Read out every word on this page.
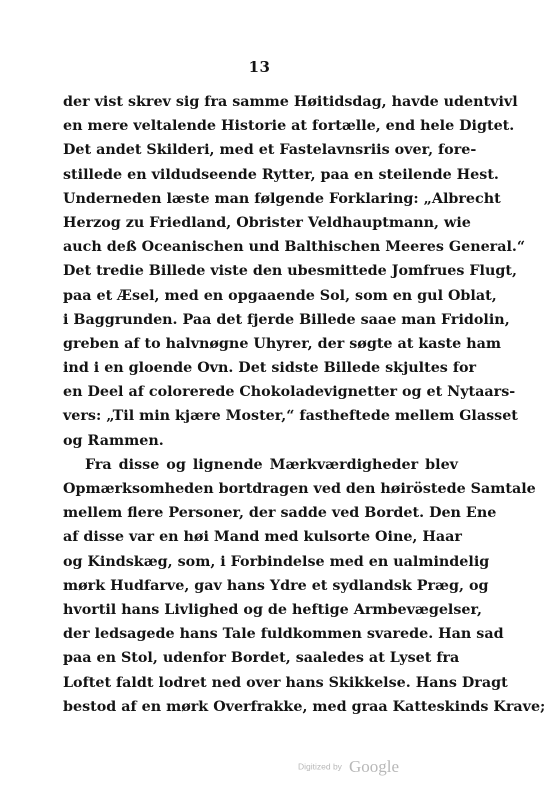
13
der vist skrev sig fra samme Høitidsdag, havde udentvivl
en mere veltalende Historie at fortælle, end hele Digtet.
Det andet Skilderi, med et Fastelavnsriis over, fore-
stillede en vildudseende Rytter, paa en steilende Hest.
Underneden læste man følgende Forklaring: „Albrecht
Herzog zu Friedland, Obrister Veldhauptmann, wie
auch deß Oceanischen und Balthischen Meeres General.“
Det tredie Billede viste den ubesmittede Jomfrues Flugt,
paa et Æsel, med en opgaaende Sol, som en gul Oblat,
i Baggrunden. Paa det fjerde Billede saae man Fridolin,
greben af to halvnøgne Uhyrer, der søgte at kaste ham
ind i en gloende Ovn. Det sidste Billede skjultes for
en Deel af colorerede Chokoladevignetter og et Nytaars-
vers: „Til min kjære Moster,“ fastheftede mellem Glasset
og Rammen.
Fra disse og lignende Mærkværdigheder blev
Opmærksomheden bortdragen ved den høiröstede Samtale
mellem flere Personer, der sadde ved Bordet. Den Ene
af disse var en høi Mand med kulsorte Oine, Haar
og Kindskæg, som, i Forbindelse med en ualmindelig
mørk Hudfarve, gav hans Ydre et sydlandsk Præg, og
hvortil hans Livlighed og de heftige Armbevægelser,
der ledsagede hans Tale fuldkommen svarede. Han sad
paa en Stol, udenfor Bordet, saaledes at Lyset fra
Loftet faldt lodret ned over hans Skikkelse. Hans Dragt
bestod af en mørk Overfrakke, med graa Katteskinds Krave;
Digitized by Google
